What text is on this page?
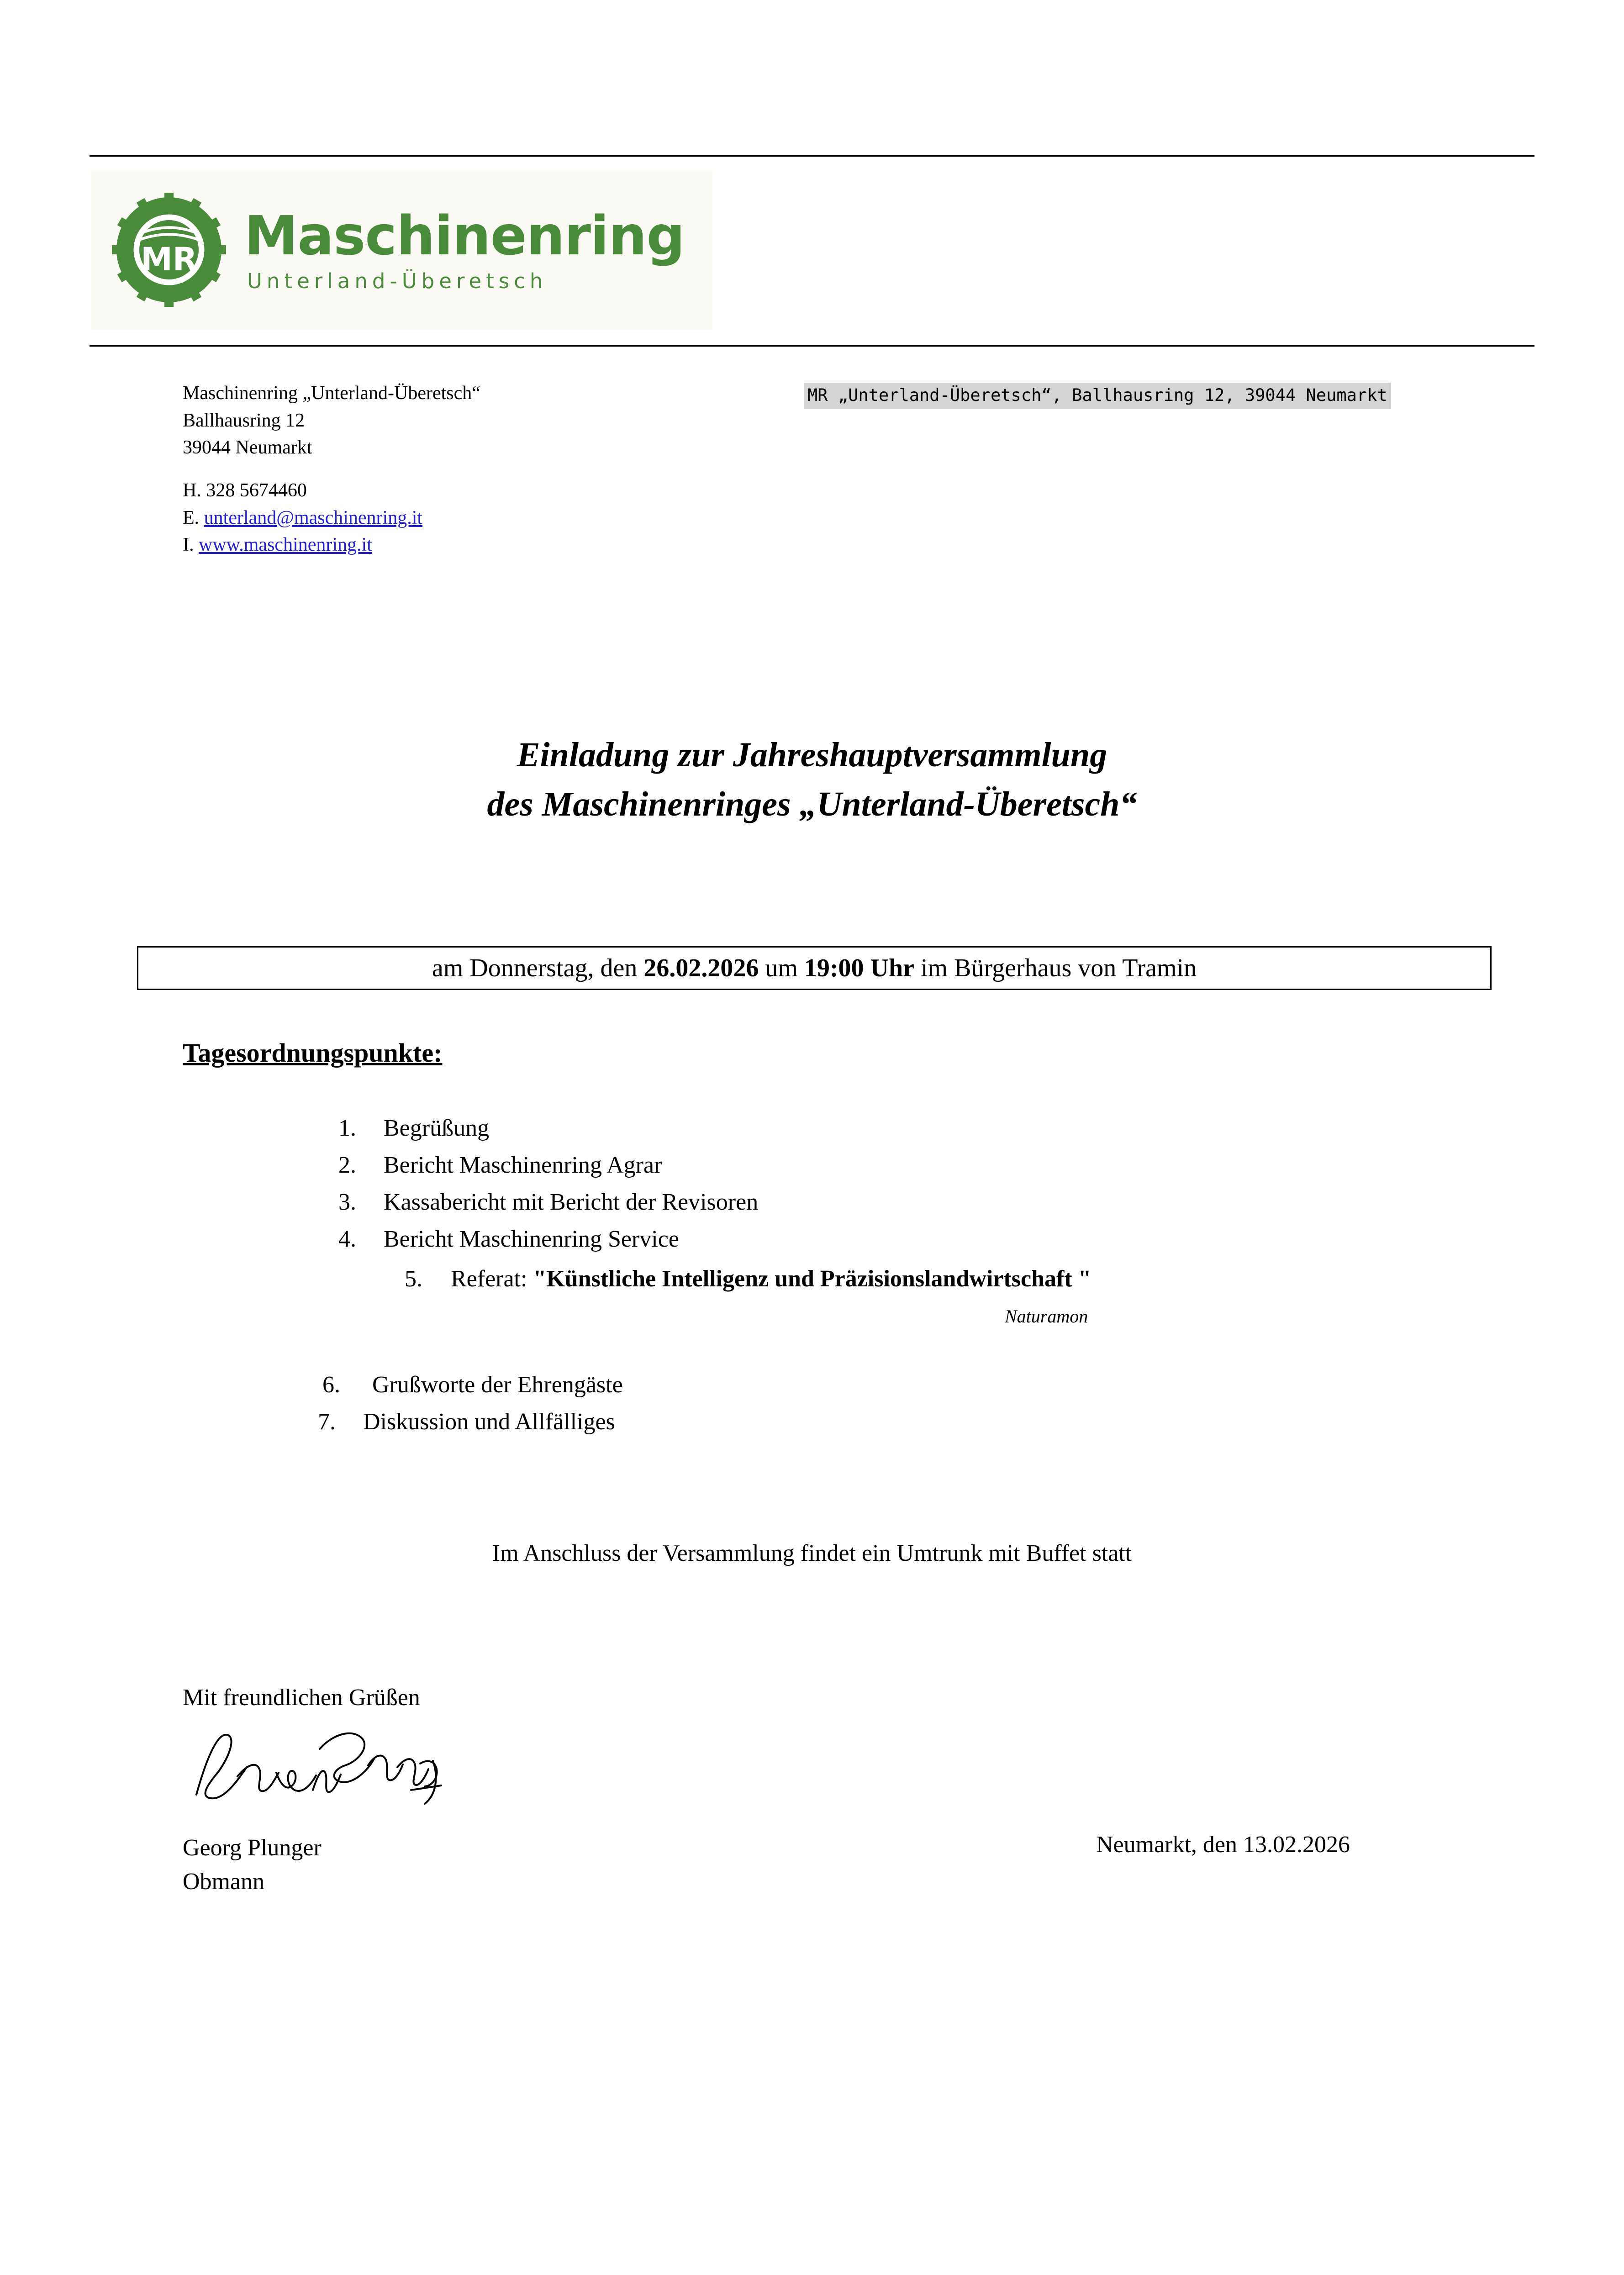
MR Maschinenring
Unterland-Überetsch
Maschinenring „Unterland-Überetsch“
Ballhausring 12
39044 Neumarkt
H. 328 5674460
E. unterland@maschinenring.it
I. www.maschinenring.it
MR „Unterland-Überetsch“, Ballhausring 12, 39044 Neumarkt
Einladung zur Jahreshauptversammlung
des Maschinenringes „Unterland-Überetsch“
am Donnerstag, den
26.02.2026
um
19:00 Uhr
im Bürgerhaus von Tramin
Tagesordnungspunkte:
1. Begrüßung
2. Bericht Maschinenring Agrar
3. Kassabericht mit Bericht der Revisoren
4. Bericht Maschinenring Service
5. Referat: "Künstliche Intelligenz und Präzisionslandwirtschaft "
Naturamon
6. Grußworte der Ehrengäste
7. Diskussion und Allfälliges
Im Anschluss der Versammlung findet ein Umtrunk mit Buffet statt
Mit freundlichen Grüßen
Georg Plunger
Obmann
Neumarkt, den 13.02.2026
